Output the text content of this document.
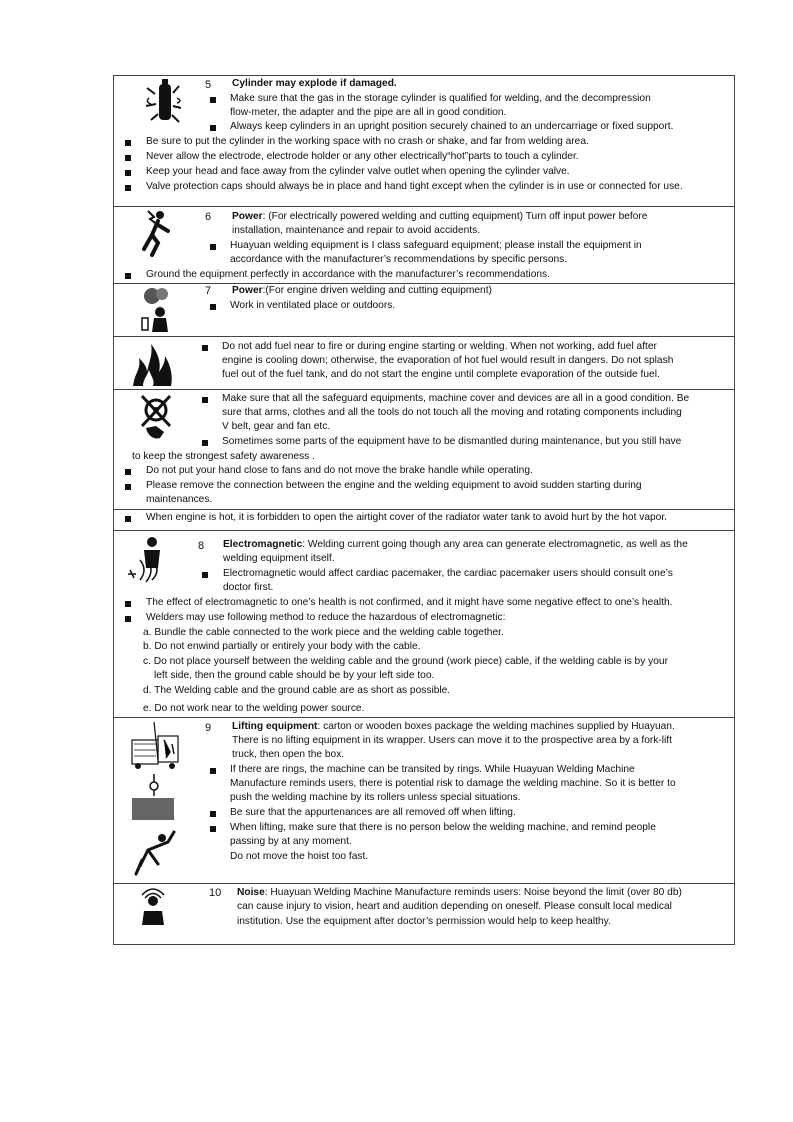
5 Cylinder may explode if damaged.
Make sure that the gas in the storage cylinder is qualified for welding, and the decompression
flow-meter, the adapter and the pipe are all in good condition.
Always keep cylinders in an upright position securely chained to an undercarriage or fixed support.
Be sure to put the cylinder in the working space with no crash or shake, and far from welding area.
Never allow the electrode, electrode holder or any other electrically“hot”parts to touch a cylinder.
Keep your head and face away from the cylinder valve outlet when opening the cylinder valve.
Valve protection caps should always be in place and hand tight except when the cylinder is in use or connected for use.
6 Power: (For electrically powered welding and cutting equipment) Turn off input power before
installation, maintenance and repair to avoid accidents.
Huayuan welding equipment is I class safeguard equipment; please install the equipment in
accordance with the manufacturer’s recommendations by specific persons.
Ground the equipment perfectly in accordance with the manufacturer’s recommendations.
7 Power:(For engine driven welding and cutting equipment)
Work in ventilated place or outdoors.
Do not add fuel near to fire or during engine starting or welding. When not working, add fuel after
engine is cooling down; otherwise, the evaporation of hot fuel would result in dangers. Do not splash
fuel out of the fuel tank, and do not start the engine until complete evaporation of the outside fuel.
Make sure that all the safeguard equipments, machine cover and devices are all in a good condition. Be
sure that arms, clothes and all the tools do not touch all the moving and rotating components including
V belt, gear and fan etc.
Sometimes some parts of the equipment have to be dismantled during maintenance, but you still have
to keep the strongest safety awareness .
Do not put your hand close to fans and do not move the brake handle while operating.
Please remove the connection between the engine and the welding equipment to avoid sudden starting during
maintenances.
When engine is hot, it is forbidden to open the airtight cover of the radiator water tank to avoid hurt by the hot vapor.
8 Electromagnetic: Welding current going though any area can generate electromagnetic, as well as the
welding equipment itself.
Electromagnetic would affect cardiac pacemaker, the cardiac pacemaker users should consult one’s
doctor first.
The effect of electromagnetic to one’s health is not confirmed, and it might have some negative effect to one’s health.
Welders may use following method to reduce the hazardous of electromagnetic:
a. Bundle the cable connected to the work piece and the welding cable together.
b. Do not enwind partially or entirely your body with the cable.
c. Do not place yourself between the welding cable and the ground (work piece) cable, if the welding cable is by your
left side, then the ground cable should be by your left side too.
d. The Welding cable and the ground cable are as short as possible.
e. Do not work near to the welding power source.
9 Lifting equipment: carton or wooden boxes package the welding machines supplied by Huayuan.
There is no lifting equipment in its wrapper. Users can move it to the prospective area by a fork-lift
truck, then open the box.
If there are rings, the machine can be transited by rings. While Huayuan Welding Machine
Manufacture reminds users, there is potential risk to damage the welding machine. So it is better to
push the welding machine by its rollers unless special situations.
Be sure that the appurtenances are all removed off when lifting.
When lifting, make sure that there is no person below the welding machine, and remind people
passing by at any moment.
Do not move the hoist too fast.
10 Noise: Huayuan Welding Machine Manufacture reminds users: Noise beyond the limit (over 80 db)
can cause injury to vision, heart and audition depending on oneself. Please consult local medical
institution. Use the equipment after doctor’s permission would help to keep healthy.
